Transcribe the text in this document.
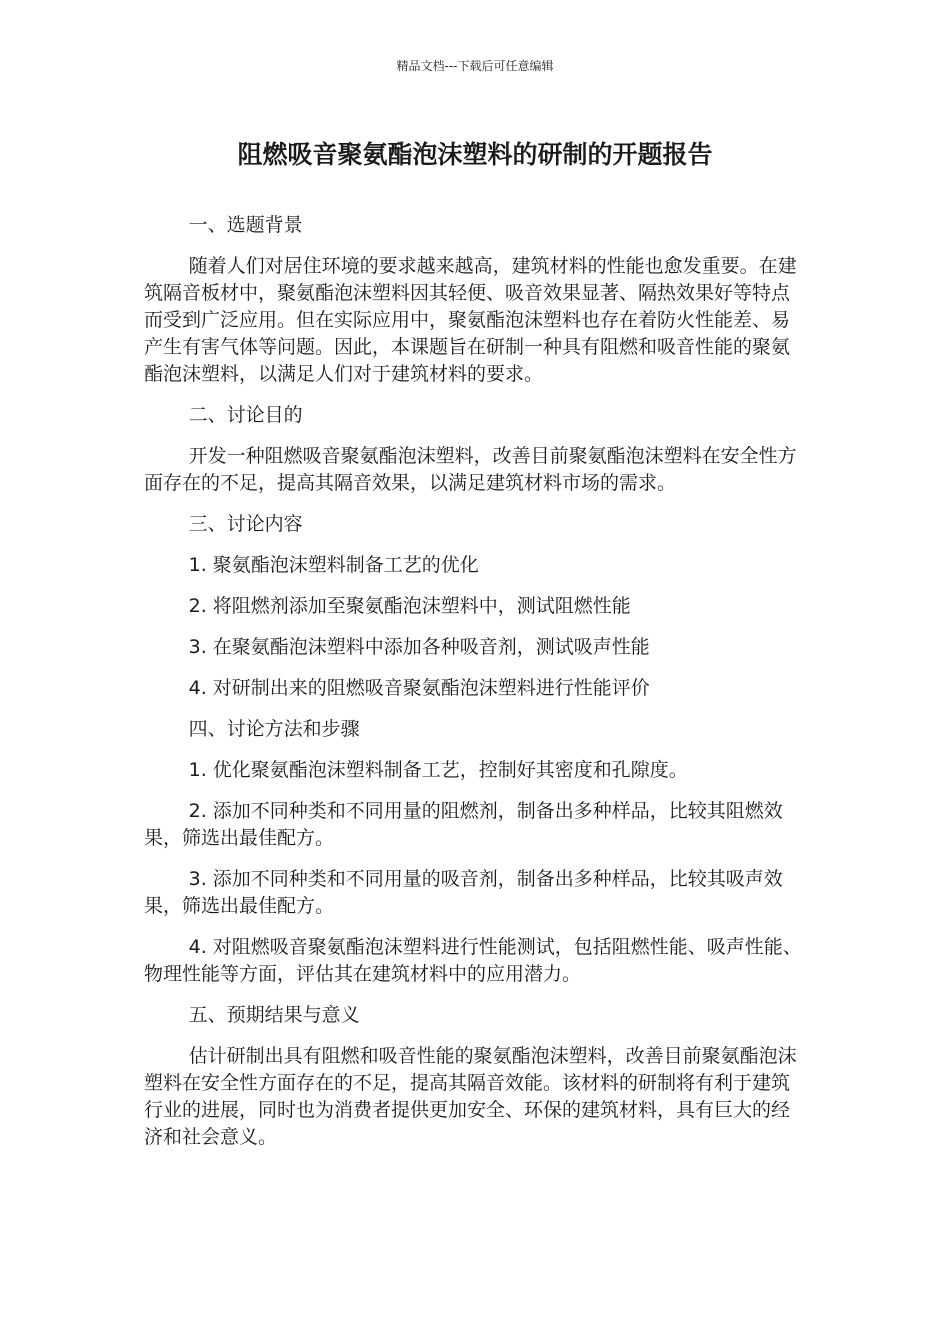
精品文档---下载后可任意编辑
阻燃吸音聚氨酯泡沫塑料的研制的开题报告

一、选题背景

随着人们对居住环境的要求越来越高，建筑材料的性能也愈发重要。在建筑隔音板材中，聚氨酯泡沫塑料因其轻便、吸音效果显著、隔热效果好等特点而受到广泛应用。但在实际应用中，聚氨酯泡沫塑料也存在着防火性能差、易产生有害气体等问题。因此，本课题旨在研制一种具有阻燃和吸音性能的聚氨酯泡沫塑料，以满足人们对于建筑材料的要求。

二、讨论目的

开发一种阻燃吸音聚氨酯泡沫塑料，改善目前聚氨酯泡沫塑料在安全性方面存在的不足，提高其隔音效果，以满足建筑材料市场的需求。

三、讨论内容

1. 聚氨酯泡沫塑料制备工艺的优化

2. 将阻燃剂添加至聚氨酯泡沫塑料中，测试阻燃性能

3. 在聚氨酯泡沫塑料中添加各种吸音剂，测试吸声性能

4. 对研制出来的阻燃吸音聚氨酯泡沫塑料进行性能评价

四、讨论方法和步骤

1. 优化聚氨酯泡沫塑料制备工艺，控制好其密度和孔隙度。

2. 添加不同种类和不同用量的阻燃剂，制备出多种样品，比较其阻燃效果，筛选出最佳配方。

3. 添加不同种类和不同用量的吸音剂，制备出多种样品，比较其吸声效果，筛选出最佳配方。

4. 对阻燃吸音聚氨酯泡沫塑料进行性能测试，包括阻燃性能、吸声性能、物理性能等方面，评估其在建筑材料中的应用潜力。

五、预期结果与意义

估计研制出具有阻燃和吸音性能的聚氨酯泡沫塑料，改善目前聚氨酯泡沫塑料在安全性方面存在的不足，提高其隔音效能。该材料的研制将有利于建筑行业的进展，同时也为消费者提供更加安全、环保的建筑材料，具有巨大的经济和社会意义。
